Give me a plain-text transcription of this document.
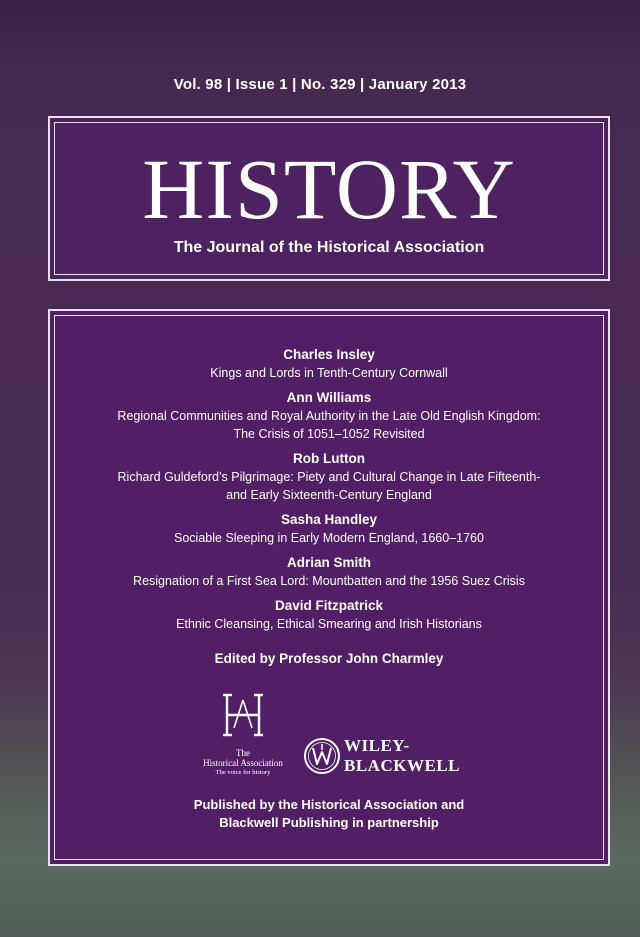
Vol. 98 | Issue 1 | No. 329 | January 2013
HISTORY
The Journal of the Historical Association
Charles Insley
Kings and Lords in Tenth-Century Cornwall
Ann Williams
Regional Communities and Royal Authority in the Late Old English Kingdom:
The Crisis of 1051–1052 Revisited
Rob Lutton
Richard Guldeford’s Pilgrimage: Piety and Cultural Change in Late Fifteenth-
and Early Sixteenth-Century England
Sasha Handley
Sociable Sleeping in Early Modern England, 1660–1760
Adrian Smith
Resignation of a First Sea Lord: Mountbatten and the 1956 Suez Crisis
David Fitzpatrick
Ethnic Cleansing, Ethical Smearing and Irish Historians
Edited by Professor John Charmley
The
Historical Association
The voice for history
WILEY-
BLACKWELL
Published by the Historical Association and
Blackwell Publishing in partnership
